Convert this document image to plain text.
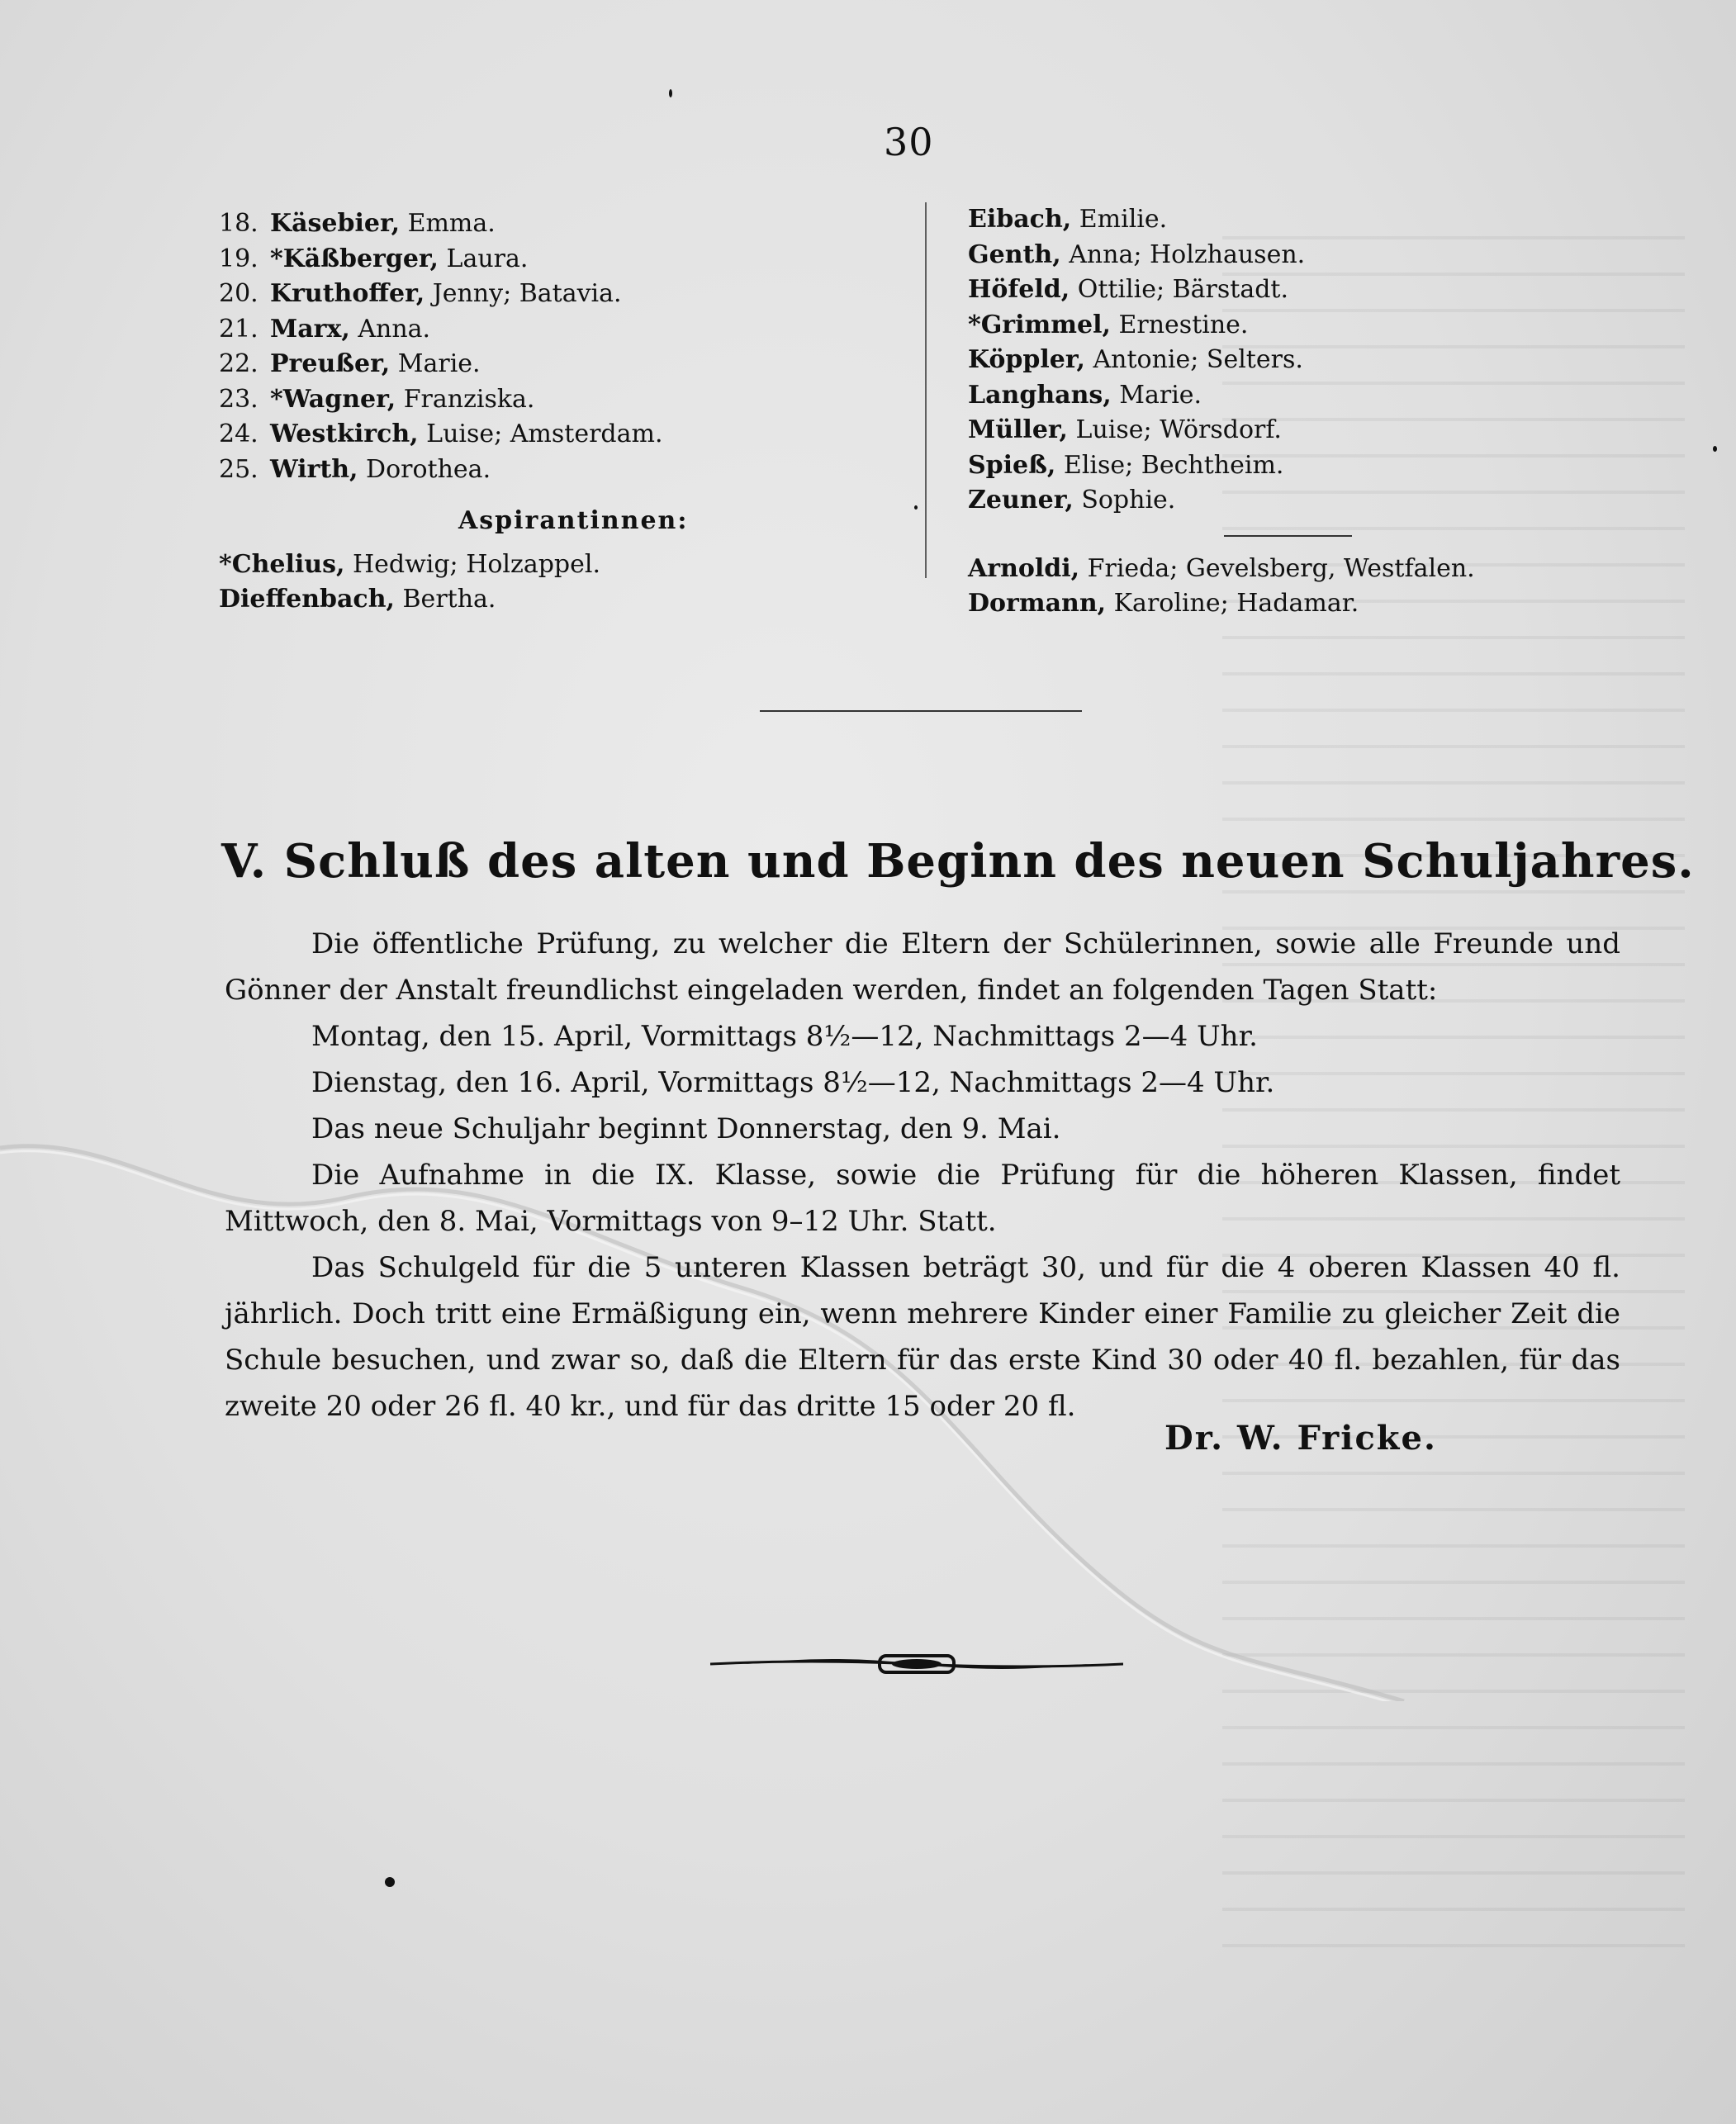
30
18. Käsebier, Emma.
19. *Käßberger, Laura.
20. Kruthoffer, Jenny; Batavia.
21. Marx, Anna.
22. Preußer, Marie.
23. *Wagner, Franziska.
24. Westkirch, Luise; Amsterdam.
25. Wirth, Dorothea.
Aspirantinnen:
*Chelius, Hedwig; Holzappel.
Dieffenbach, Bertha.
Eibach, Emilie.
Genth, Anna; Holzhausen.
Höfeld, Ottilie; Bärstadt.
*Grimmel, Ernestine.
Köppler, Antonie; Selters.
Langhans, Marie.
Müller, Luise; Wörsdorf.
Spieß, Elise; Bechtheim.
Zeuner, Sophie.
Arnoldi, Frieda; Gevelsberg, Westfalen.
Dormann, Karoline; Hadamar.
V. Schluß des alten und Beginn des neuen Schuljahres.

Die öffentliche Prüfung, zu welcher die Eltern der Schülerinnen, sowie alle Freunde und Gönner der Anstalt freundlichst eingeladen werden, findet an folgenden Tagen Statt:

Montag, den 15. April, Vormittags 8½—12, Nachmittags 2—4 Uhr.
Dienstag, den 16. April, Vormittags 8½—12, Nachmittags 2—4 Uhr.

Das neue Schuljahr beginnt Donnerstag, den 9. Mai.

Die Aufnahme in die IX. Klasse, sowie die Prüfung für die höheren Klassen, findet Mittwoch, den 8. Mai, Vormittags von 9–12 Uhr. Statt.

Das Schulgeld für die 5 unteren Klassen beträgt 30, und für die 4 oberen Klassen 40 fl. jährlich. Doch tritt eine Ermäßigung ein, wenn mehrere Kinder einer Familie zu gleicher Zeit die Schule besuchen, und zwar so, daß die Eltern für das erste Kind 30 oder 40 fl. bezahlen, für das zweite 20 oder 26 fl. 40 kr., und für das dritte 15 oder 20 fl.

Dr. W. Fricke.
